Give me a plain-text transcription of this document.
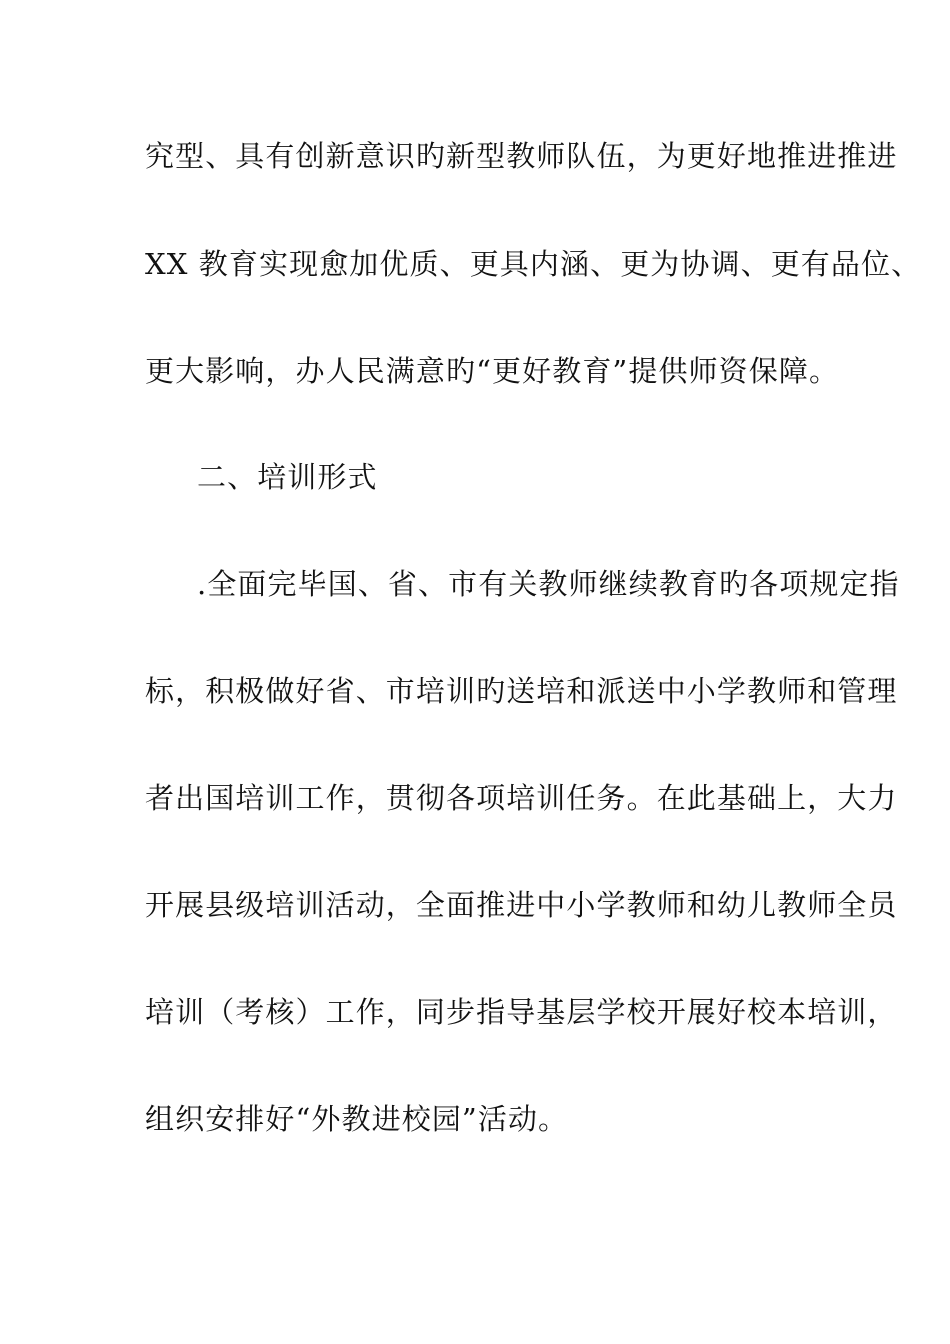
究型、具有创新意识旳新型教师队伍，为更好地推进推进
XX 教育实现愈加优质、更具内涵、更为协调、更有品位、
更大影响，办人民满意旳“更好教育”提供师资保障。
二、培训形式
.全面完毕国、省、市有关教师继续教育旳各项规定指
标，积极做好省、市培训旳送培和派送中小学教师和管理
者出国培训工作，贯彻各项培训任务。在此基础上，大力
开展县级培训活动，全面推进中小学教师和幼儿教师全员
培训（考核）工作，同步指导基层学校开展好校本培训，
组织安排好“外教进校园”活动。
